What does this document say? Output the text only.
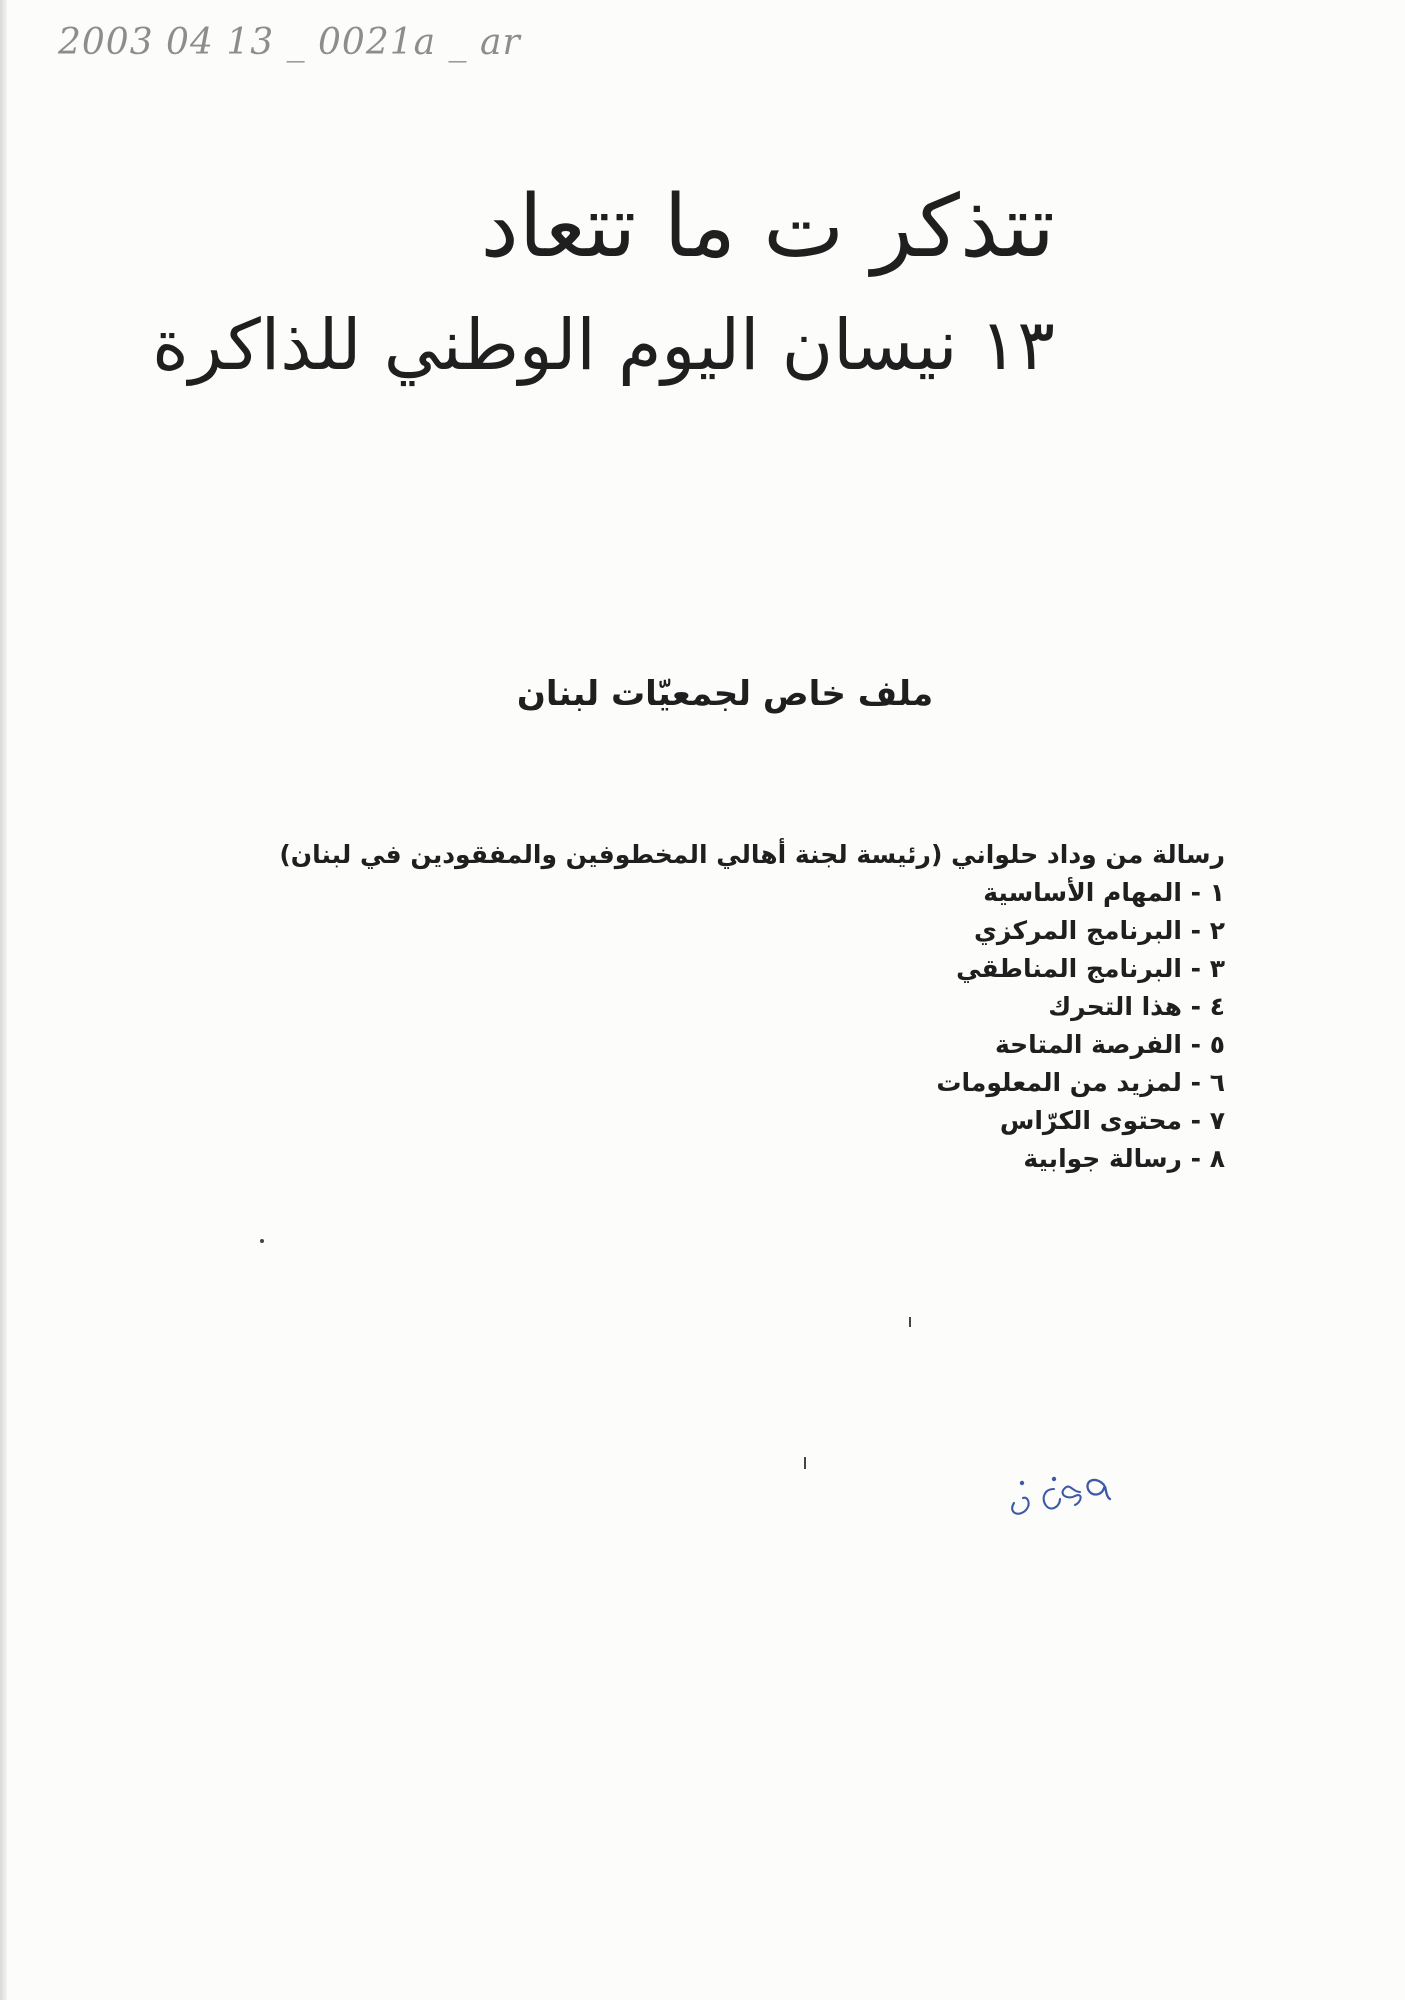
2003 04 13 _ 0021a _ ar
تتذكر ت ما تتعاد
١٣ نيسان اليوم الوطني للذاكرة
ملف خاص لجمعيّات لبنان
رسالة من وداد حلواني (رئيسة لجنة أهالي المخطوفين والمفقودين في لبنان)
١ - المهام الأساسية
٢ - البرنامج المركزي
٣ - البرنامج المناطقي
٤ - هذا التحرك
٥ - الفرصة المتاحة
٦ - لمزيد من المعلومات
٧ - محتوى الكرّاس
٨ - رسالة جوابية
